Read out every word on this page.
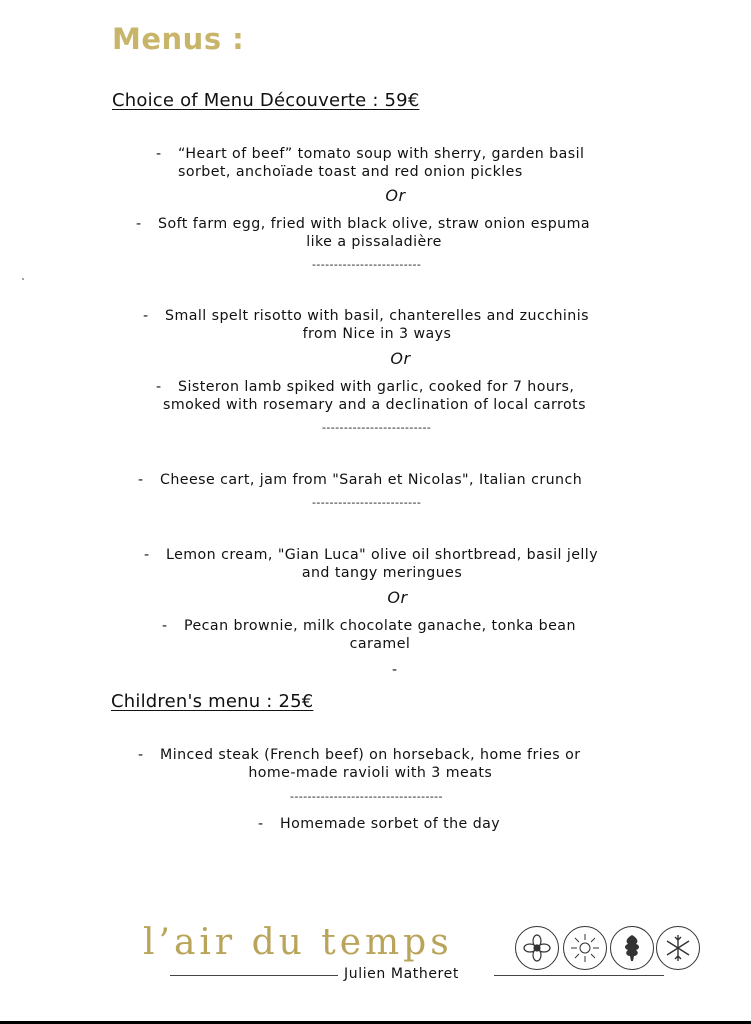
Menus :
Choice of Menu Découverte : 59€
- “Heart of beef” tomato soup with sherry, garden basil
sorbet, anchoïade toast and red onion pickles
Or
- Soft farm egg, fried with black olive, straw onion espuma
like a pissaladière
-------------------------
- Small spelt risotto with basil, chanterelles and zucchinis
from Nice in 3 ways
Or
- Sisteron lamb spiked with garlic, cooked for 7 hours,
smoked with rosemary and a declination of local carrots
-------------------------
- Cheese cart, jam from "Sarah et Nicolas", Italian crunch
-------------------------
- Lemon cream, "Gian Luca" olive oil shortbread, basil jelly
and tangy meringues
Or
- Pecan brownie, milk chocolate ganache, tonka bean
caramel
-
Children's menu : 25€
- Minced steak (French beef) on horseback, home fries or
home-made ravioli with 3 meats
-----------------------------------
- Homemade sorbet of the day
l’air du temps
Julien Matheret
